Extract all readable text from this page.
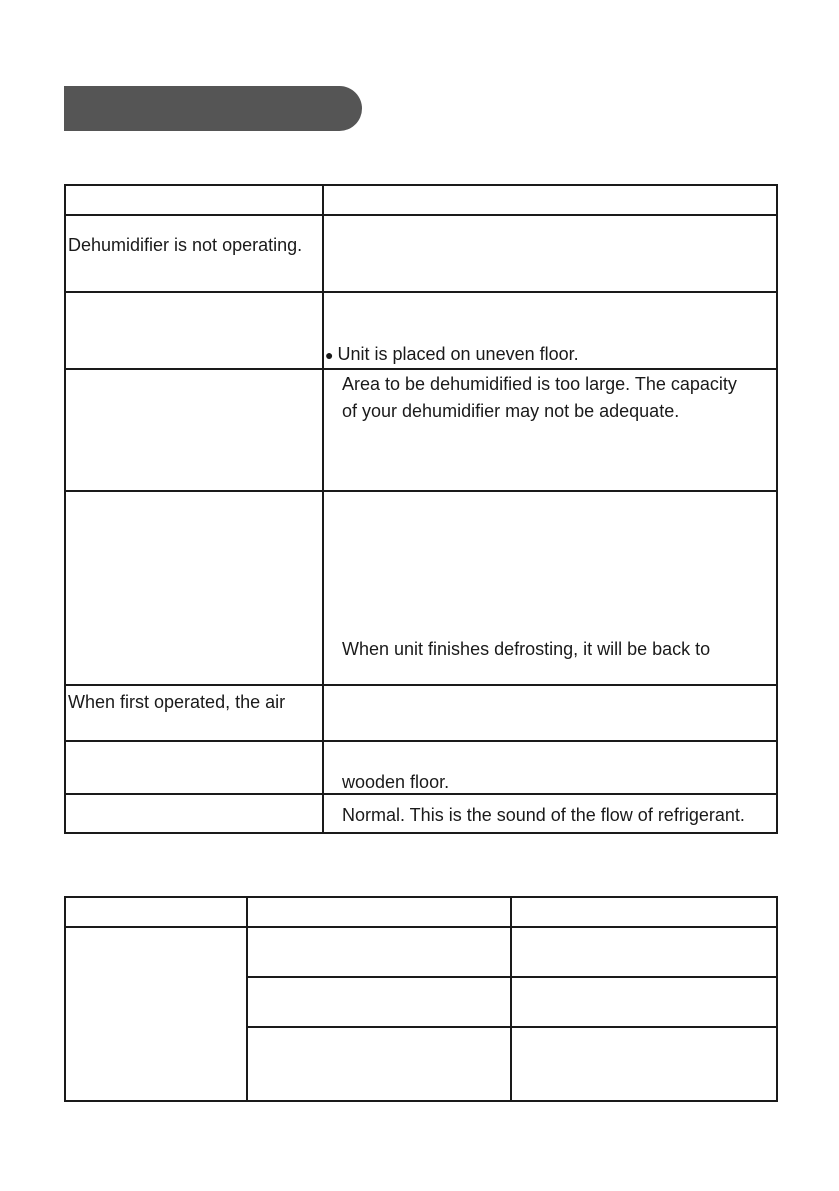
Dehumidifier is not operating.	

	● Unit is placed on uneven floor.

	Area to be dehumidified is too large. The capacity
of your dehumidifier may not be adequate.

	When unit finishes defrosting, it will be back to

When first operated, the air	

	wooden floor.

	Normal. This is the sound of the flow of refrigerant.
